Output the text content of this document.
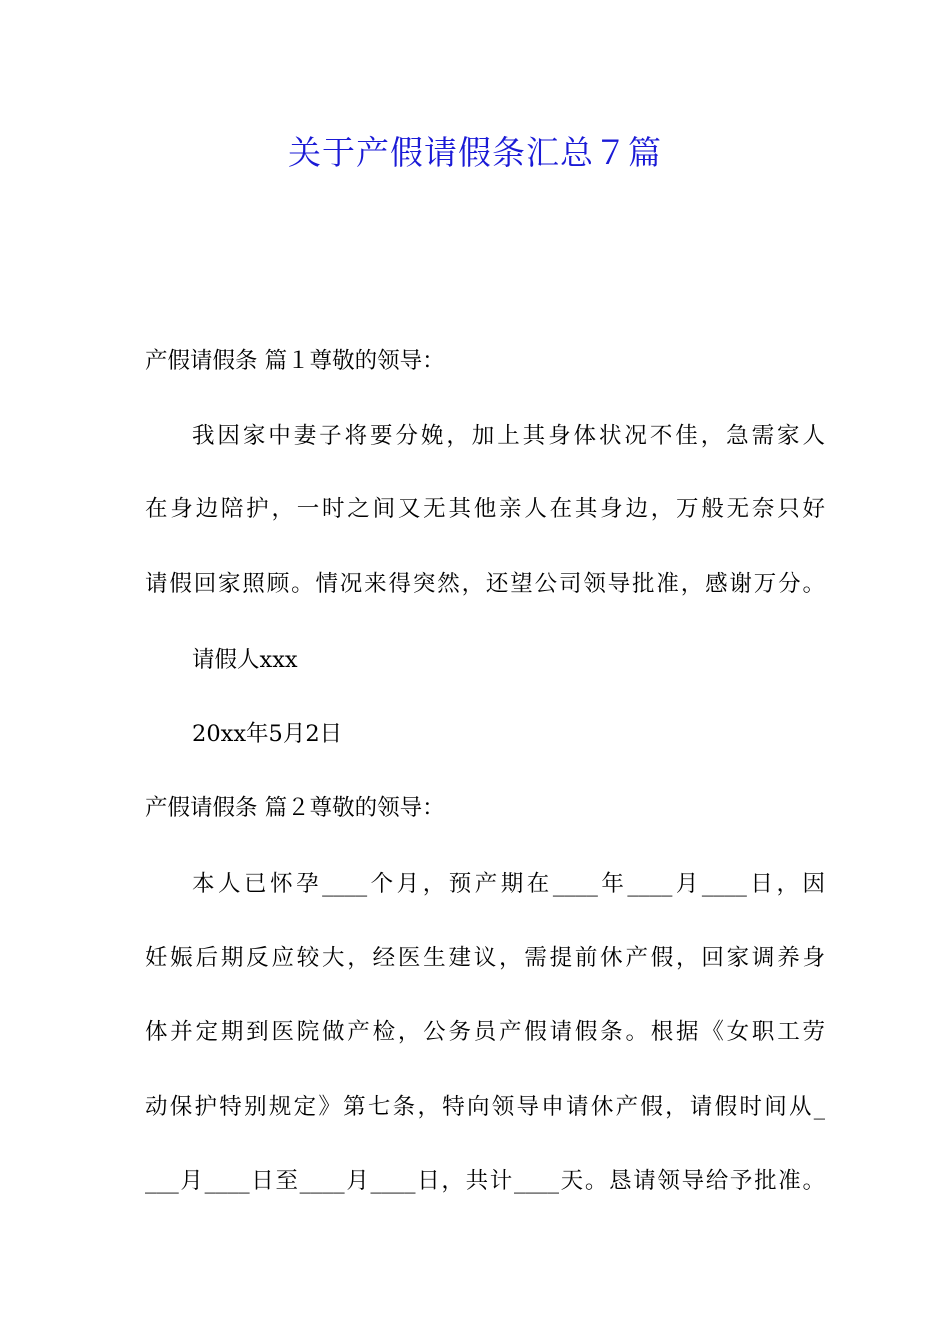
关于产假请假条汇总７篇

产假请假条 篇１尊敬的领导：

我因家中妻子将要分娩，加上其身体状况不佳，急需家人

在身边陪护，一时之间又无其他亲人在其身边，万般无奈只好

请假回家照顾。情况来得突然，还望公司领导批准，感谢万分。

请假人xxx

20xx年5月2日

产假请假条 篇２尊敬的领导：

本人已怀孕____个月，预产期在____年____月____日，因

妊娠后期反应较大，经医生建议，需提前休产假，回家调养身

体并定期到医院做产检，公务员产假请假条。根据《女职工劳

动保护特别规定》第七条，特向领导申请休产假，请假时间从_

___月____日至____月____日，共计____天。恳请领导给予批准。
